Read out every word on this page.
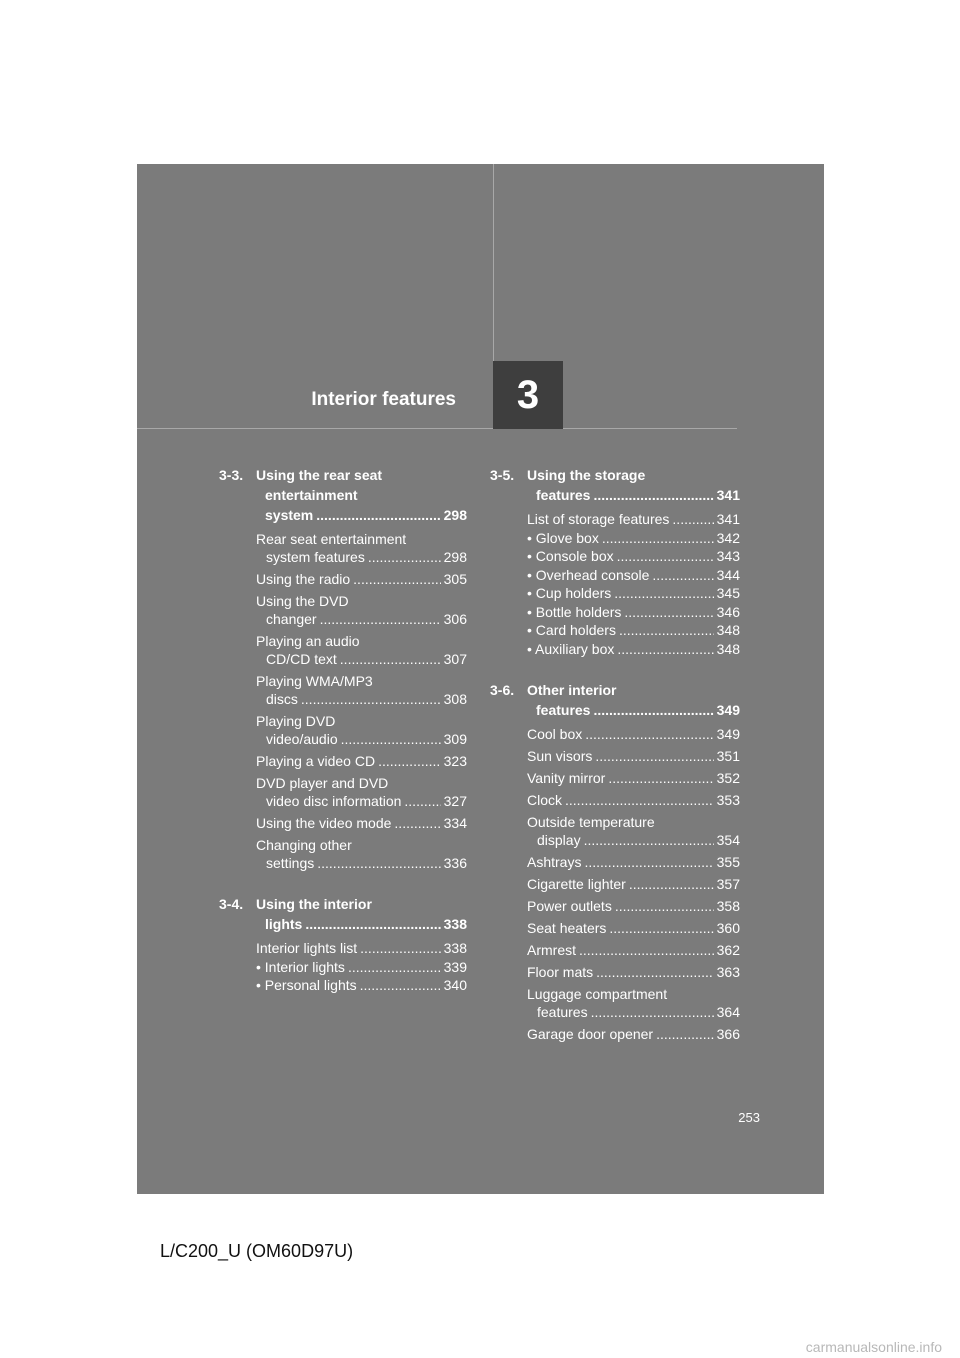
Interior features	3
3-3. Using the rear seat
entertainment
system .....	298
Rear seat entertainment
system features .....	298
Using the radio .....	305
Using the DVD
changer .....	306
Playing an audio
CD/CD text .....	307
Playing WMA/MP3
discs .....	308
Playing DVD
video/audio .....	309
Playing a video CD .....	323
DVD player and DVD
video disc information .....	327
Using the video mode .....	334
Changing other
settings .....	336
3-4. Using the interior
lights .....	338
Interior lights list .....	338
• Interior lights .....	339
• Personal lights .....	340
3-5. Using the storage
features .....	341
List of storage features .....	341
• Glove box .....	342
• Console box .....	343
• Overhead console .....	344
• Cup holders .....	345
• Bottle holders .....	346
• Card holders .....	348
• Auxiliary box .....	348
3-6. Other interior
features .....	349
Cool box .....	349
Sun visors .....	351
Vanity mirror .....	352
Clock .....	353
Outside temperature
display .....	354
Ashtrays .....	355
Cigarette lighter .....	357
Power outlets .....	358
Seat heaters .....	360
Armrest .....	362
Floor mats .....	363
Luggage compartment
features .....	364
Garage door opener .....	366
253
L/C200_U (OM60D97U)
carmanualsonline.info
